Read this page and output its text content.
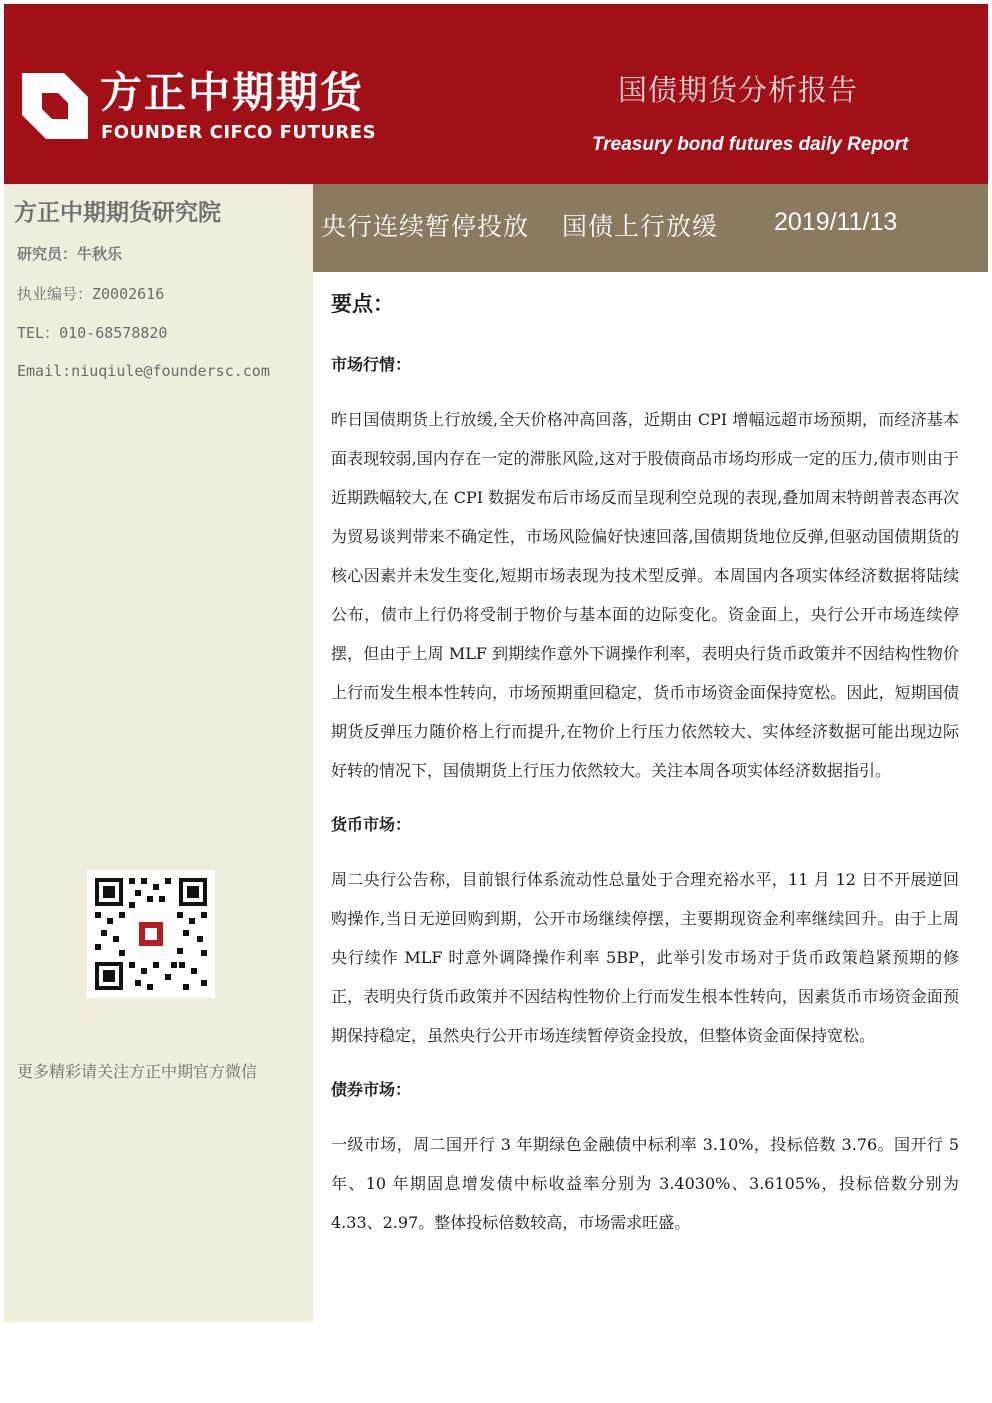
方正中期期货
FOUNDER CIFCO FUTURES
国债期货分析报告
Treasury bond futures daily Report
方正中期期货研究院
研究员：牛秋乐
执业编号：Z0002616
TEL：010-68578820
Email:niuqiule@foundersc.com
更多精彩请关注方正中期官方微信
央行连续暂停投放 国债上行放缓 2019/11/13
要点：
市场行情：

昨日国债期货上行放缓,全天价格冲高回落，近期由 CPI 增幅远超市场预期，而经济基本面表现较弱,国内存在一定的滞胀风险,这对于股债商品市场均形成一定的压力,债市则由于近期跌幅较大,在 CPI 数据发布后市场反而呈现利空兑现的表现,叠加周末特朗普表态再次为贸易谈判带来不确定性，市场风险偏好快速回落,国债期货地位反弹,但驱动国债期货的核心因素并未发生变化,短期市场表现为技术型反弹。本周国内各项实体经济数据将陆续公布，债市上行仍将受制于物价与基本面的边际变化。资金面上，央行公开市场连续停摆，但由于上周 MLF 到期续作意外下调操作利率，表明央行货币政策并不因结构性物价上行而发生根本性转向，市场预期重回稳定，货币市场资金面保持宽松。因此，短期国债期货反弹压力随价格上行而提升,在物价上行压力依然较大、实体经济数据可能出现边际好转的情况下，国债期货上行压力依然较大。关注本周各项实体经济数据指引。

货币市场：

周二央行公告称，目前银行体系流动性总量处于合理充裕水平，11 月 12 日不开展逆回购操作,当日无逆回购到期，公开市场继续停摆，主要期现资金利率继续回升。由于上周央行续作 MLF 时意外调降操作利率 5BP，此举引发市场对于货币政策趋紧预期的修正，表明央行货币政策并不因结构性物价上行而发生根本性转向，因素货币市场资金面预期保持稳定，虽然央行公开市场连续暂停资金投放，但整体资金面保持宽松。

债券市场：

一级市场，周二国开行 3 年期绿色金融债中标利率 3.10%，投标倍数 3.76。国开行 5 年、10 年期固息增发债中标收益率分别为 3.4030%、3.6105%，投标倍数分别为 4.33、2.97。整体投标倍数较高，市场需求旺盛。
